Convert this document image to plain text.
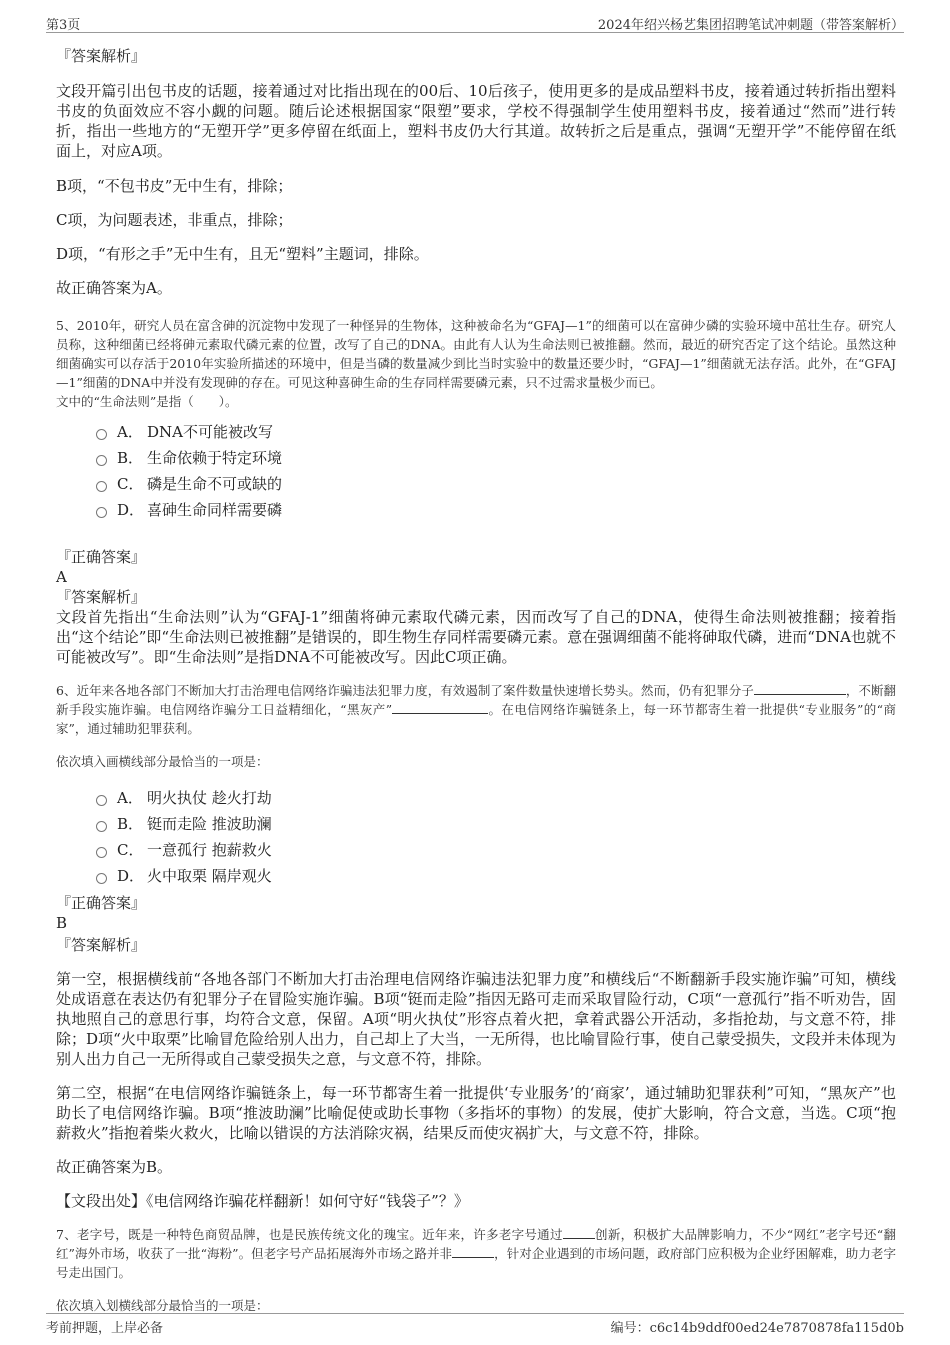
第3页	2024年绍兴杨艺集团招聘笔试冲刺题（带答案解析）

『答案解析』

文段开篇引出包书皮的话题，接着通过对比指出现在的00后、10后孩子，使用更多的是成品塑料书皮，接着通过转折指出塑料书皮的负面效应不容小觑的问题。随后论述根据国家“限塑”要求，学校不得强制学生使用塑料书皮，接着通过“然而”进行转折，指出一些地方的“无塑开学”更多停留在纸面上，塑料书皮仍大行其道。故转折之后是重点，强调“无塑开学”不能停留在纸面上，对应A项。

B项，“不包书皮”无中生有，排除；

C项，为问题表述，非重点，排除；

D项，“有形之手”无中生有，且无“塑料”主题词，排除。

故正确答案为A。

5、2010年，研究人员在富含砷的沉淀物中发现了一种怪异的生物体，这种被命名为“GFAJ—1”的细菌可以在富砷少磷的实验环境中茁壮生存。研究人员称，这种细菌已经将砷元素取代磷元素的位置，改写了自己的DNA。由此有人认为生命法则已被推翻。然而，最近的研究否定了这个结论。虽然这种细菌确实可以存活于2010年实验所描述的环境中，但是当磷的数量减少到比当时实验中的数量还要少时，“GFAJ—1”细菌就无法存活。此外，在“GFAJ—1”细菌的DNA中并没有发现砷的存在。可见这种喜砷生命的生存同样需要磷元素，只不过需求量极少而已。

文中的“生命法则”是指（　　）。

A． DNA不可能被改写
B． 生命依赖于特定环境
C． 磷是生命不可或缺的
D． 喜砷生命同样需要磷

『正确答案』

A

『答案解析』

文段首先指出“生命法则”认为“GFAJ-1”细菌将砷元素取代磷元素，因而改写了自己的DNA，使得生命法则被推翻；接着指出“这个结论”即“生命法则已被推翻”是错误的，即生物生存同样需要磷元素。意在强调细菌不能将砷取代磷，进而“DNA也就不可能被改写”。即“生命法则”是指DNA不可能被改写。因此C项正确。

6、近年来各地各部门不断加大打击治理电信网络诈骗违法犯罪力度，有效遏制了案件数量快速增长势头。然而，仍有犯罪分子	，不断翻新手段实施诈骗。电信网络诈骗分工日益精细化，“黑灰产”	。在电信网络诈骗链条上，每一环节都寄生着一批提供“专业服务”的“商家”，通过辅助犯罪获利。

依次填入画横线部分最恰当的一项是：

A． 明火执仗 趁火打劫
B． 铤而走险 推波助澜
C． 一意孤行 抱薪救火
D． 火中取栗 隔岸观火

『正确答案』

B

『答案解析』

第一空，根据横线前“各地各部门不断加大打击治理电信网络诈骗违法犯罪力度”和横线后“不断翻新手段实施诈骗”可知，横线处成语意在表达仍有犯罪分子在冒险实施诈骗。B项“铤而走险”指因无路可走而采取冒险行动，C项“一意孤行”指不听劝告，固执地照自己的意思行事，均符合文意，保留。A项“明火执仗”形容点着火把，拿着武器公开活动，多指抢劫，与文意不符，排除；D项“火中取栗”比喻冒危险给别人出力，自己却上了大当，一无所得，也比喻冒险行事，使自己蒙受损失，文段并未体现为别人出力自己一无所得或自己蒙受损失之意，与文意不符，排除。

第二空，根据“在电信网络诈骗链条上，每一环节都寄生着一批提供‘专业服务’的‘商家’，通过辅助犯罪获利”可知，“黑灰产”也助长了电信网络诈骗。B项“推波助澜”比喻促使或助长事物（多指坏的事物）的发展，使扩大影响，符合文意，当选。C项“抱薪救火”指抱着柴火救火，比喻以错误的方法消除灾祸，结果反而使灾祸扩大，与文意不符，排除。

故正确答案为B。

【文段出处】《电信网络诈骗花样翻新！如何守好“钱袋子”？》

7、老字号，既是一种特色商贸品牌，也是民族传统文化的瑰宝。近年来，许多老字号通过	创新，积极扩大品牌影响力，不少“网红”老字号还“翻红”海外市场，收获了一批“海粉”。但老字号产品拓展海外市场之路并非	，针对企业遇到的市场问题，政府部门应积极为企业纾困解难，助力老字号走出国门。

依次填入划横线部分最恰当的一项是：

考前押题，上岸必备	编号：c6c14b9ddf00ed24e7870878fa115d0b
